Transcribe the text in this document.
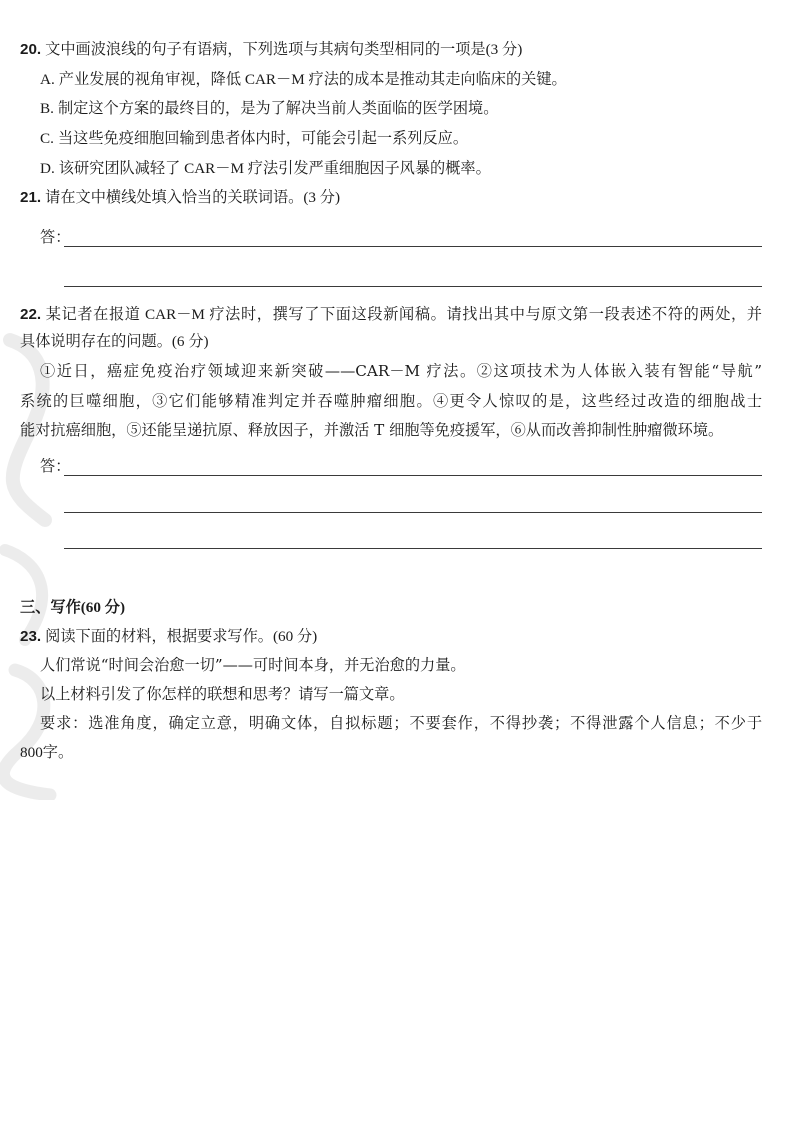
20. 文中画波浪线的句子有语病，下列选项与其病句类型相同的一项是(3 分)
A. 产业发展的视角审视，降低 CAR－M 疗法的成本是推动其走向临床的关键。
B. 制定这个方案的最终目的，是为了解决当前人类面临的医学困境。
C. 当这些免疫细胞回输到患者体内时，可能会引起一系列反应。
D. 该研究团队减轻了 CAR－M 疗法引发严重细胞因子风暴的概率。
21. 请在文中横线处填入恰当的关联词语。(3 分)
答：
22. 某记者在报道 CAR－M 疗法时，撰写了下面这段新闻稿。请找出其中与原文第一段表述不符的两处，并
具体说明存在的问题。(6 分)
①近日，癌症免疫治疗领域迎来新突破——CAR－M 疗法。②这项技术为人体嵌入装有智能“导航”
系统的巨噬细胞，③它们能够精准判定并吞噬肿瘤细胞。④更令人惊叹的是，这些经过改造的细胞战士
能对抗癌细胞，⑤还能呈递抗原、释放因子，并激活 T 细胞等免疫援军，⑥从而改善抑制性肿瘤微环境。
答：
三、写作(60 分)
23. 阅读下面的材料，根据要求写作。(60 分)
人们常说“时间会治愈一切”——可时间本身，并无治愈的力量。
以上材料引发了你怎样的联想和思考？请写一篇文章。
要求：选准角度，确定立意，明确文体，自拟标题；不要套作，不得抄袭；不得泄露个人信息；不少于
800字。
